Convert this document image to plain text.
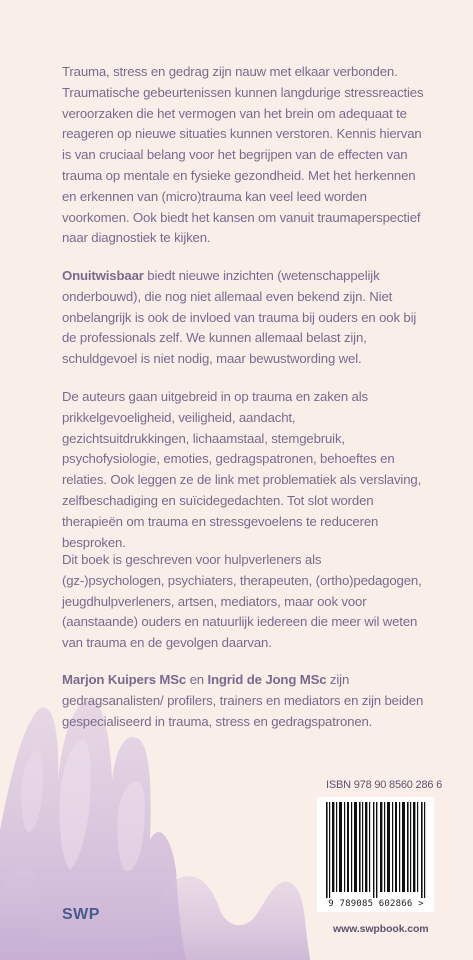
Trauma, stress en gedrag zijn nauw met elkaar verbonden. Traumatische gebeurtenissen kunnen langdurige stressreacties veroorzaken die het vermogen van het brein om adequaat te reageren op nieuwe situaties kunnen verstoren. Kennis hiervan is van cruciaal belang voor het begrijpen van de effecten van trauma op mentale en fysieke gezondheid. Met het herkennen en erkennen van (micro)trauma kan veel leed worden voorkomen. Ook biedt het kansen om vanuit traumaperspectief naar diagnostiek te kijken.
Onuitwisbaar biedt nieuwe inzichten (wetenschappelijk onderbouwd), die nog niet allemaal even bekend zijn. Niet onbelangrijk is ook de invloed van trauma bij ouders en ook bij de professionals zelf. We kunnen allemaal belast zijn, schuldgevoel is niet nodig, maar bewustwording wel.
De auteurs gaan uitgebreid in op trauma en zaken als prikkelgevoeligheid, veiligheid, aandacht, gezichtsuitdrukkingen, lichaamstaal, stemgebruik, psychofysiologie, emoties, gedragspatronen, behoeftes en relaties. Ook leggen ze de link met problematiek als verslaving, zelfbeschadiging en suïcidegedachten. Tot slot worden therapieën om trauma en stressgevoelens te reduceren besproken.
Dit boek is geschreven voor hulpverleners als (gz-)psychologen, psychiaters, therapeuten, (ortho)pedagogen, jeugdhulpverleners, artsen, mediators, maar ook voor (aanstaande) ouders en natuurlijk iedereen die meer wil weten van trauma en de gevolgen daarvan.
Marjon Kuipers MSc en Ingrid de Jong MSc zijn gedragsanalisten/ profilers, trainers en mediators en zijn beiden gespecialiseerd in trauma, stress en gedragspatronen.
ISBN 978 90 8560 286 6
9 789085 602866 >
www.swpbook.com
SWP
